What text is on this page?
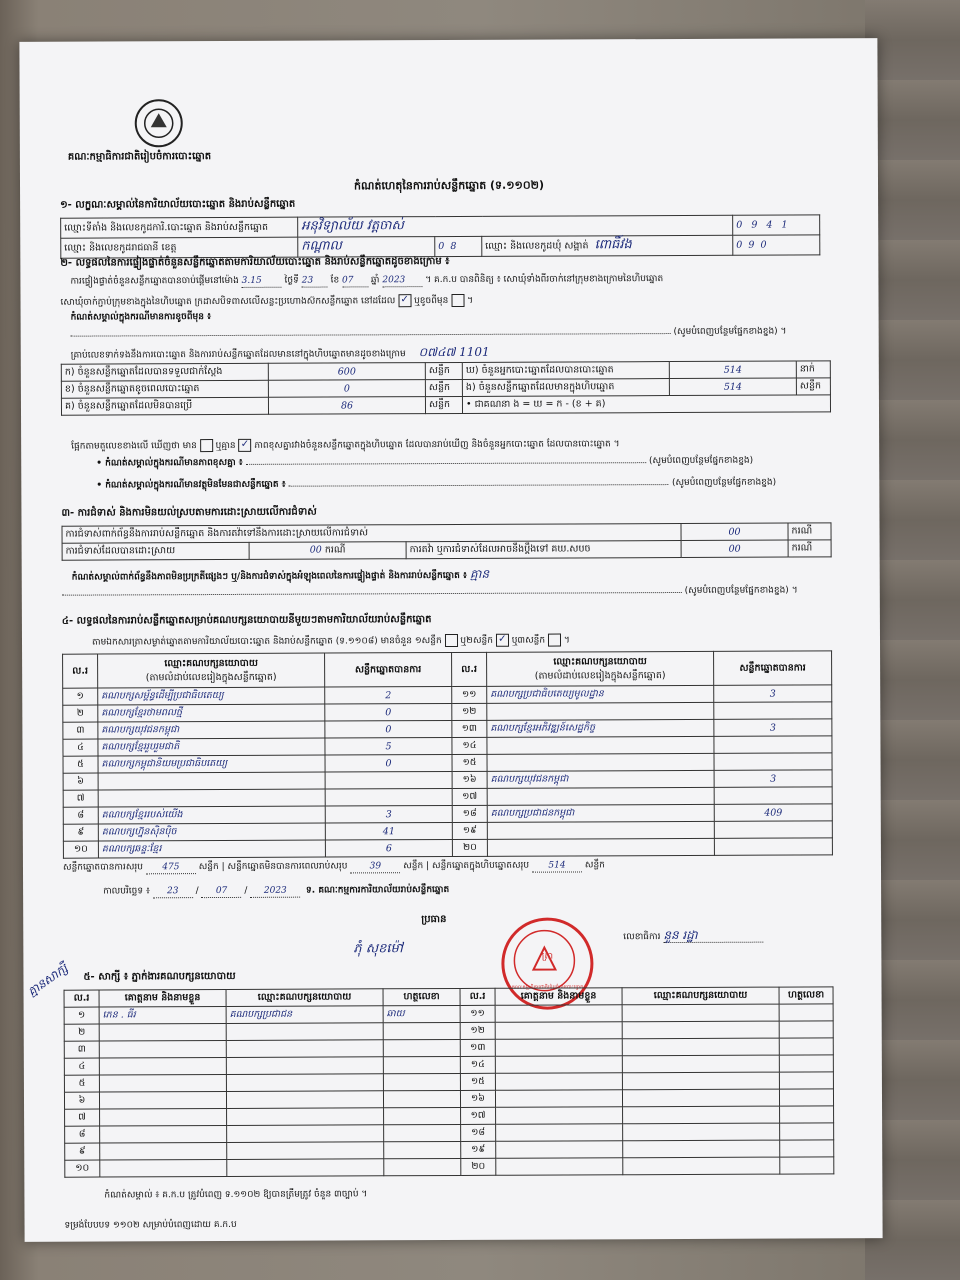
គណៈកម្មាធិការជាតិរៀបចំការបោះឆ្នោត
កំណត់ហេតុនៃការរាប់សន្លឹកឆ្នោត (ទ.១១០២)
១- លក្ខណៈសម្គាល់នៃការិយាល័យបោះឆ្នោត និងរាប់សន្លឹកឆ្នោត
ឈ្មោះទីតាំង និងលេខកូដការិ.បោះឆ្នោត និងរាប់សន្លឹកឆ្នោត	អនុវិទ្យាល័យ វត្តចាស់			0 9 4 1
ឈ្មោះ និងលេខកូដរាជធានី ខេត្ត	កណ្ដាល	0 8	ឈ្មោះ និងលេខកូដឃុំ សង្កាត់ ពោធិ៍វង	0 9 0
២- លទ្ធផលនៃការផ្ទៀងផ្ទាត់ចំនួនសន្លឹកឆ្នោតតាមការិយាល័យបោះឆ្នោត និងរាប់សន្លឹកឆ្នោតដូចខាងក្រោម ៖
ការផ្ទៀងផ្ទាត់ចំនួនសន្លឹកឆ្នោតបានចាប់ផ្តើមនៅម៉ោង 3.15	ថ្ងៃទី 23 ខែ 07 ឆ្នាំ 2023 ។ គ.ក.ប បានពិនិត្យ ៖ សោឃុំទាំងពីរចាក់នៅក្រុមខាងក្រោមនៃហិបឆ្នោត
សោឃុំចាក់ភ្ជាប់ក្រុមខាងក្នុងនៃហិបឆ្នោត ក្រដាសបិទពាសលើសន្លះប្រហោងស៊កសន្លឹកឆ្នោត នៅដដែល ✓ ឬខូចពីមុន  ។
កំណត់សម្គាល់ក្នុងករណីមានការខូចពីមុន ៖
(សូមបំពេញបន្ថែមផ្នែកខាងខ្នង) ។
គ្រាប់លេខទាក់ទងនឹងការបោះឆ្នោត និងការរាប់សន្លឹកឆ្នោតដែលមាននៅក្នុងហិបឆ្នោតមានដូចខាងក្រោម ០៧៤៧ 1101
ក) ចំនួនសន្លឹកឆ្នោតដែលបានទទួលជាក់ស្តែង	600	សន្លឹក	ឃ) ចំនួនអ្នកបោះឆ្នោតដែលបានបោះឆ្នោត	514	នាក់
ខ) ចំនួនសន្លឹកឆ្នោតខូចពេលបោះឆ្នោត	0	សន្លឹក	ង) ចំនួនសន្លឹកឆ្នោតដែលមានក្នុងហិបឆ្នោត	514	សន្លឹក
គ) ចំនួនសន្លឹកឆ្នោតដែលមិនបានប្រើ	86	សន្លឹក	• ជាគណនា ង = ឃ = ក - (ខ + គ)		
ផ្អែកតាមតួលេខខាងលើ ឃើញថា មាន ឬគ្មាន ✓ ភាពខុសគ្នារវាងចំនួនសន្លឹកឆ្នោតក្នុងហិបឆ្នោត ដែលបានរាប់ឃើញ និងចំនួនអ្នកបោះឆ្នោត ដែលបានបោះឆ្នោត ។
• កំណត់សម្គាល់ក្នុងករណីមានភាពខុសគ្នា ៖	(សូមបំពេញបន្ថែមផ្នែកខាងខ្នង)
• កំណត់សម្គាល់ក្នុងករណីមានវត្ថុមិនមែនជាសន្លឹកឆ្នោត ៖	(សូមបំពេញបន្ថែមផ្នែកខាងខ្នង)
៣- ការជំទាស់ និងការមិនយល់ស្របតាមការដោះស្រាយលើការជំទាស់
ការជំទាស់ពាក់ព័ន្ធនឹងការរាប់សន្លឹកឆ្នោត និងការតវ៉ាទៅនឹងការដោះស្រាយលើការជំទាស់			00	ករណី
ការជំទាស់ដែលបានដោះស្រាយ	00 ករណី	ការតវ៉ា ឬការជំទាស់ដែលអាចនឹងប្តឹងទៅ គឃ.សបច	00	ករណី
កំណត់សម្គាល់ពាក់ព័ន្ធនឹងភាពមិនប្រក្រតីផ្សេងៗ ឬ/និងការជំទាស់ក្នុងអំឡុងពេលនៃការផ្ទៀងផ្ទាត់ និងការរាប់សន្លឹកឆ្នោត ៖ គ្មាន
(សូមបំពេញបន្ថែមផ្នែកខាងខ្នង) ។
៤- លទ្ធផលនៃការរាប់សន្លឹកឆ្នោតសម្រាប់គណបក្សនយោបាយនីមួយៗតាមការិយាល័យរាប់សន្លឹកឆ្នោត
តាមឯកសារត្រាសម្ងាត់ឆ្នោតតាមការិយាល័យបោះឆ្នោត និងរាប់សន្លឹកឆ្នោត (ទ.១១០៨) មានចំនួន ១សន្លឹក ឬ២សន្លឹក ✓ ឬ៣សន្លឹក  ។
ល.រ	ឈ្មោះគណបក្សនយោបាយ
(តាមលំដាប់លេខរៀងក្នុងសន្លឹកឆ្នោត)	សន្លឹកឆ្នោតបានការ	ល.រ	ឈ្មោះគណបក្សនយោបាយ
(តាមលំដាប់លេខរៀងក្នុងសន្លឹកឆ្នោត)	សន្លឹកឆ្នោតបានការ
១	គណបក្សសម្ព័ន្ធដើម្បីប្រជាធិបតេយ្យ	2	១១	គណបក្សប្រជាធិបតេយ្យមូលដ្ឋាន	3
២	គណបក្សខ្មែរថាមពលថ្មី	0	១២		
៣	គណបក្សយុវជនកម្ពុជា	0	១៣	គណបក្សខ្មែរអភិវឌ្ឍន៍សេដ្ឋកិច្ច	3
៤	គណបក្សខ្មែររួបរួមជាតិ	5	១៤		
៥	គណបក្សកម្ពុជានិយមប្រជាធិបតេយ្យ	0	១៥		
៦			១៦	គណបក្សយុវជនកម្ពុជា	3
៧			១៧		
៨	គណបក្សខ្មែររបស់យើង	3	១៨	គណបក្សប្រជាជនកម្ពុជា	409
៩	គណបក្សហ្វ៊ុនស៊ិនប៉ិច	41	១៩		
១០	គណបក្សឆន្ទៈខ្មែរ	6	២០		
សន្លឹកឆ្នោតបានការសរុប 475 សន្លឹក | សន្លឹកឆ្នោតមិនបានការពេលរាប់សរុប 39 សន្លឹក | សន្លឹកឆ្នោតក្នុងហិបឆ្នោតសរុប 514 សន្លឹក
កាលបរិច្ឆេទ ៖ 23 / 07 / 2023 ទ. គណៈកម្មការការិយាល័យរាប់សន្លឹកឆ្នោត
ប្រធាន
ភុំ សុខម៉ៅ
លេខាធិការ នួន រដ្ឋា
ត្រា
គណៈកម្មាធិការជាតិរៀបចំការបោះឆ្នោត
៥- សាក្សី ៖ ភ្នាក់ងារគណបក្សនយោបាយ
គ្មានសាក្សី ល.រ	គោត្តនាម និងនាមខ្លួន	ឈ្មោះគណបក្សនយោបាយ	ហត្ថលេខា	ល.រ	គោត្តនាម និងនាមខ្លួន	ឈ្មោះគណបក្សនយោបាយ	ហត្ថលេខា
១	ភេន . ធីរ	គណបក្សប្រជាជន	ឆាយ	១១			
២				១២			
៣				១៣			
៤				១៤			
៥				១៥			
៦				១៦			
៧				១៧			
៨				១៨			
៩				១៩			
១០				២០			
កំណត់សម្គាល់ ៖ គ.ក.ប ត្រូវបំពេញ ទ.១១០២ ឱ្យបានត្រឹមត្រូវ ចំនួន ៣ច្បាប់ ។
ទម្រង់បែបបទ ១១០២ សម្រាប់បំពេញដោយ គ.ក.ប
